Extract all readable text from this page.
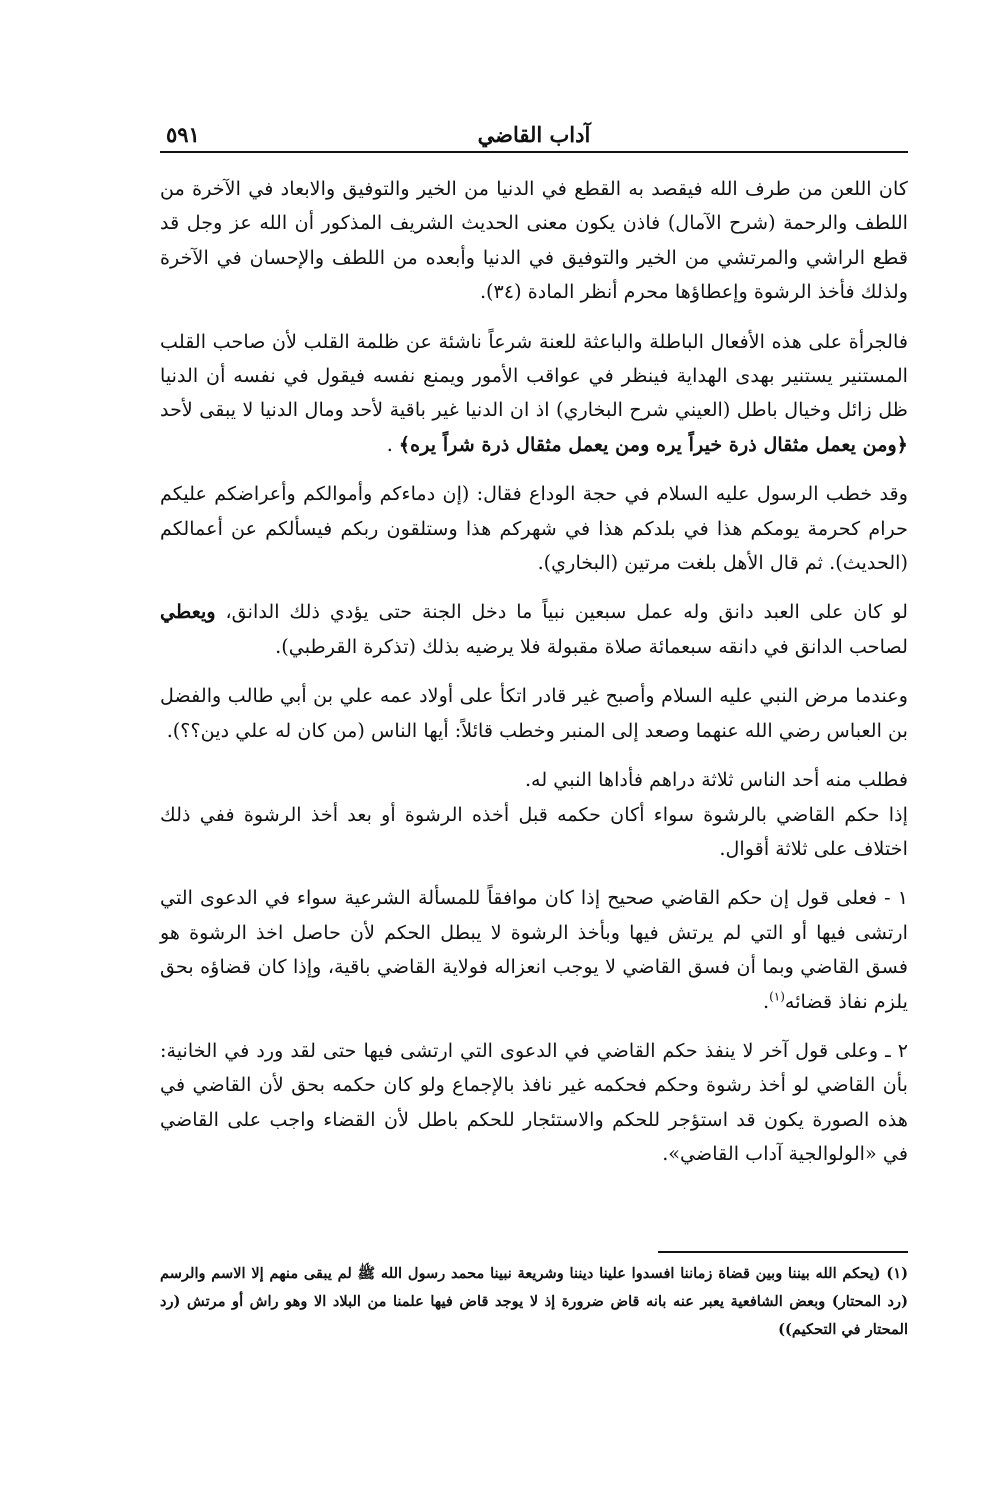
آداب القاضي
٥٩١

كان اللعن من طرف الله فيقصد به القطع في الدنيا من الخير والتوفيق والابعاد في الآخرة من اللطف والرحمة (شرح الآمال) فاذن يكون معنى الحديث الشريف المذكور أن الله عز وجل قد قطع الراشي والمرتشي من الخير والتوفيق في الدنيا وأبعده من اللطف والإحسان في الآخرة ولذلك فأخذ الرشوة وإعطاؤها محرم أنظر المادة (٣٤).

فالجرأة على هذه الأفعال الباطلة والباعثة للعنة شرعاً ناشئة عن ظلمة القلب لأن صاحب القلب المستنير يستنير بهدى الهداية فينظر في عواقب الأمور ويمنع نفسه فيقول في نفسه أن الدنيا ظل زائل وخيال باطل (العيني شرح البخاري) اذ ان الدنيا غير باقية لأحد ومال الدنيا لا يبقى لأحد ﴿ومن يعمل مثقال ذرة خيراً يره ومن يعمل مثقال ذرة شراً يره﴾ .

وقد خطب الرسول عليه السلام في حجة الوداع فقال: (إن دماءكم وأموالكم وأعراضكم عليكم حرام كحرمة يومكم هذا في بلدكم هذا في شهركم هذا وستلقون ربكم فيسألكم عن أعمالكم (الحديث). ثم قال الأهل بلغت مرتين (البخاري).

لو كان على العبد دانق وله عمل سبعين نبياً ما دخل الجنة حتى يؤدي ذلك الدانق، ويعطي لصاحب الدانق في دانقه سبعمائة صلاة مقبولة فلا يرضيه بذلك (تذكرة القرطبي).

وعندما مرض النبي عليه السلام وأصبح غير قادر اتكأ على أولاد عمه علي بن أبي طالب والفضل بن العباس رضي الله عنهما وصعد إلى المنبر وخطب قائلاً: أيها الناس (من كان له علي دين؟؟).

فطلب منه أحد الناس ثلاثة دراهم فأداها النبي له.

إذا حكم القاضي بالرشوة سواء أكان حكمه قبل أخذه الرشوة أو بعد أخذ الرشوة ففي ذلك اختلاف على ثلاثة أقوال.

١ - فعلى قول إن حكم القاضي صحيح إذا كان موافقاً للمسألة الشرعية سواء في الدعوى التي ارتشى فيها أو التي لم يرتش فيها وبأخذ الرشوة لا يبطل الحكم لأن حاصل اخذ الرشوة هو فسق القاضي وبما أن فسق القاضي لا يوجب انعزاله فولاية القاضي باقية، وإذا كان قضاؤه بحق يلزم نفاذ قضائه$^{(١)}$.

٢ ـ وعلى قول آخر لا ينفذ حكم القاضي في الدعوى التي ارتشى فيها حتى لقد ورد في الخانية: بأن القاضي لو أخذ رشوة وحكم فحكمه غير نافذ بالإجماع ولو كان حكمه بحق لأن القاضي في هذه الصورة يكون قد استؤجر للحكم والاستئجار للحكم باطل لأن القضاء واجب على القاضي في «الولوالجية آداب القاضي».

(١) (يحكم الله بيننا وبين قضاة زماننا افسدوا علينا ديننا وشريعة نبينا محمد رسول الله ﷺ لم يبقى منهم إلا الاسم والرسم (رد المحتار) وبعض الشافعية يعبر عنه بانه قاض ضرورة إذ لا يوجد قاض فيها علمنا من البلاد الا وهو راش أو مرتش (رد المحتار في التحكيم))
